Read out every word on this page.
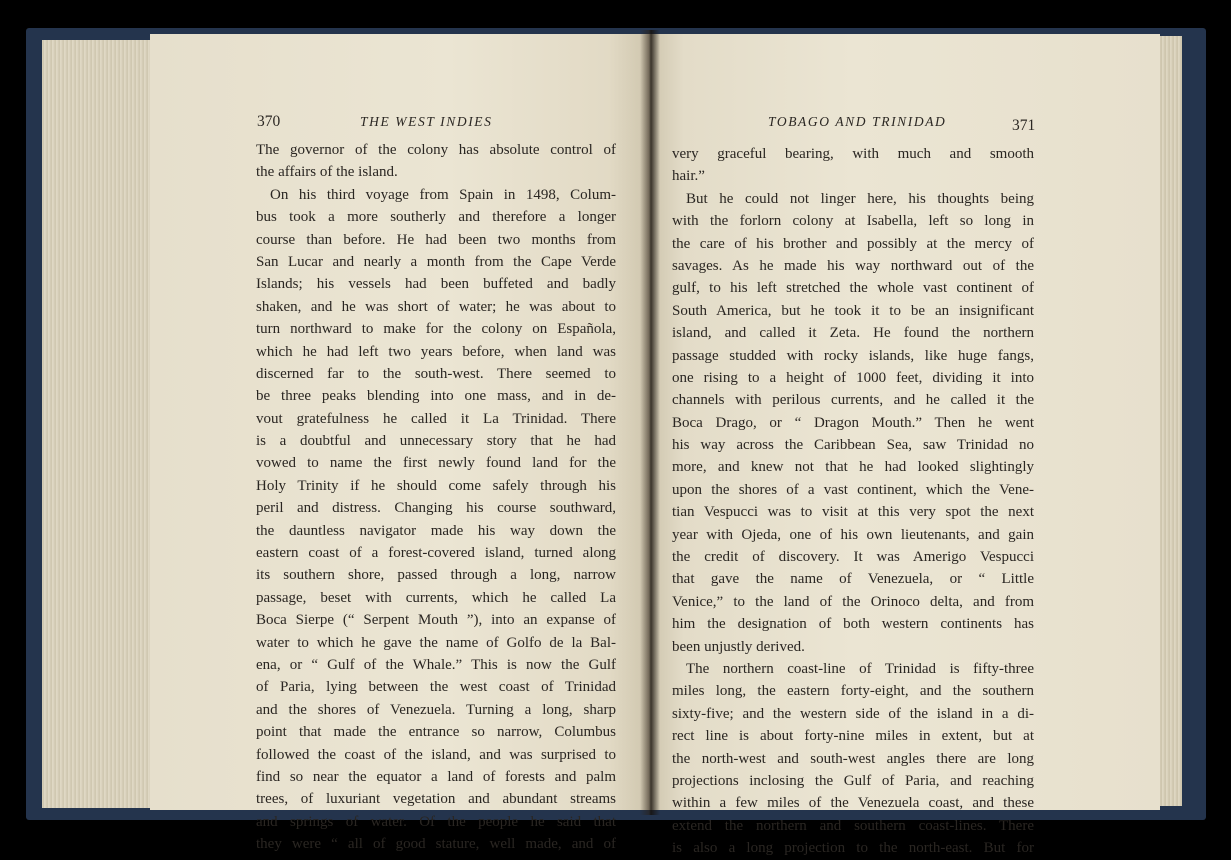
370	THE WEST INDIES	TOBAGO AND TRINIDAD	371
The governor of the colony has absolute control of
the affairs of the island.
On his third voyage from Spain in 1498, Colum-
bus took a more southerly and therefore a longer
course than before. He had been two months from
San Lucar and nearly a month from the Cape Verde
Islands; his vessels had been buffeted and badly
shaken, and he was short of water; he was about to
turn northward to make for the colony on Española,
which he had left two years before, when land was
discerned far to the south-west. There seemed to
be three peaks blending into one mass, and in de-
vout gratefulness he called it La Trinidad. There
is a doubtful and unnecessary story that he had
vowed to name the first newly found land for the
Holy Trinity if he should come safely through his
peril and distress. Changing his course southward,
the dauntless navigator made his way down the
eastern coast of a forest-covered island, turned along
its southern shore, passed through a long, narrow
passage, beset with currents, which he called La
Boca Sierpe (“ Serpent Mouth ”), into an expanse of
water to which he gave the name of Golfo de la Bal-
ena, or “ Gulf of the Whale.” This is now the Gulf
of Paria, lying between the west coast of Trinidad
and the shores of Venezuela. Turning a long, sharp
point that made the entrance so narrow, Columbus
followed the coast of the island, and was surprised to
find so near the equator a land of forests and palm
trees, of luxuriant vegetation and abundant streams
and springs of water. Of the people he said that
they were “ all of good stature, well made, and of
very graceful bearing, with much and smooth
hair.”
But he could not linger here, his thoughts being
with the forlorn colony at Isabella, left so long in
the care of his brother and possibly at the mercy of
savages. As he made his way northward out of the
gulf, to his left stretched the whole vast continent of
South America, but he took it to be an insignificant
island, and called it Zeta. He found the northern
passage studded with rocky islands, like huge fangs,
one rising to a height of 1000 feet, dividing it into
channels with perilous currents, and he called it the
Boca Drago, or “ Dragon Mouth.” Then he went
his way across the Caribbean Sea, saw Trinidad no
more, and knew not that he had looked slightingly
upon the shores of a vast continent, which the Vene-
tian Vespucci was to visit at this very spot the next
year with Ojeda, one of his own lieutenants, and gain
the credit of discovery. It was Amerigo Vespucci
that gave the name of Venezuela, or “ Little
Venice,” to the land of the Orinoco delta, and from
him the designation of both western continents has
been unjustly derived.
The northern coast-line of Trinidad is fifty-three
miles long, the eastern forty-eight, and the southern
sixty-five; and the western side of the island in a di-
rect line is about forty-nine miles in extent, but at
the north-west and south-west angles there are long
projections inclosing the Gulf of Paria, and reaching
within a few miles of the Venezuela coast, and these
extend the northern and southern coast-lines. There
is also a long projection to the north-east. But for
